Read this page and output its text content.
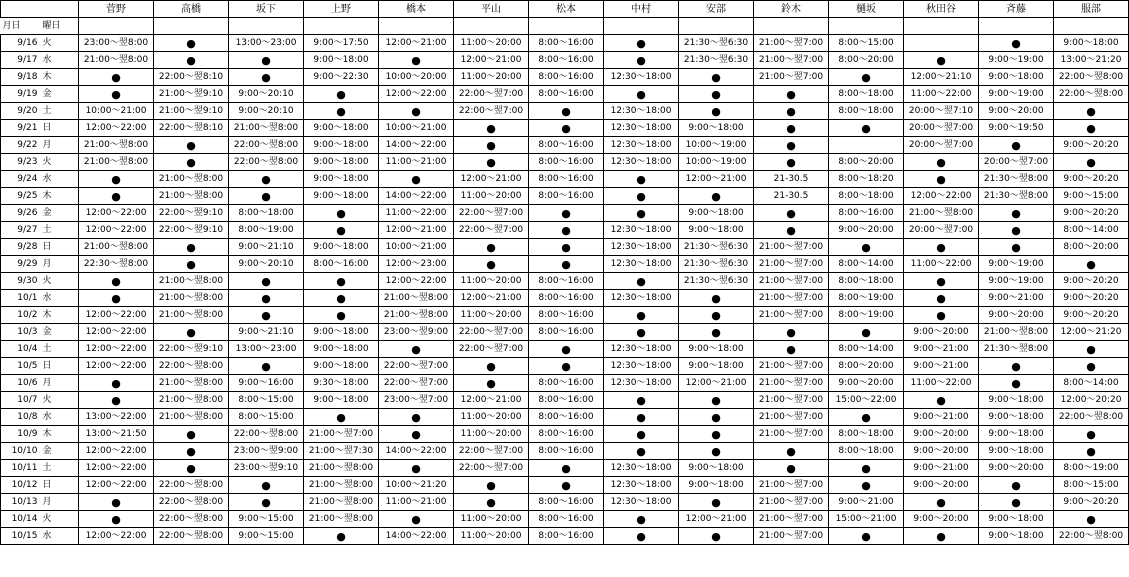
		菅野	高橋	坂下	上野	橋本	平山	松本	中村	安部	鈴木	樋坂	秋田谷	斉藤	服部
月日	曜日														
9/16	火	23:00～翌8:00	●	13:00～23:00	9:00～17:50	12:00～21:00	11:00～20:00	8:00～16:00	●	21:30～翌6:30	21:00～翌7:00	8:00～15:00		●	9:00～18:00
9/17	水	21:00～翌8:00	●	●	9:00～18:00	●	12:00～21:00	8:00～16:00	●	21:30～翌6:30	21:00～翌7:00	8:00～20:00	●	9:00～19:00	13:00～21:20
9/18	木	●	22:00～翌8:10	●	9:00～22:30	10:00～20:00	11:00～20:00	8:00～16:00	12:30～18:00	●	21:00～翌7:00	●	12:00～21:10	9:00～18:00	22:00～翌8:00
9/19	金	●	21:00～翌9:10	9:00～20:10	●	12:00～22:00	22:00～翌7:00	8:00～16:00	●	●	●	8:00～18:00	11:00～22:00	9:00～19:00	22:00～翌8:00
9/20	土	10:00～21:00	21:00～翌9:10	9:00～20:10	●	●	22:00～翌7:00	●	12:30～18:00	●	●	8:00～18:00	20:00～翌7:10	9:00～20:00	●
9/21	日	12:00～22:00	22:00～翌8:10	21:00～翌8:00	9:00～18:00	10:00～21:00	●	●	12:30～18:00	9:00～18:00	●	●	20:00～翌7:00	9:00～19:50	●
9/22	月	21:00～翌8:00	●	22:00～翌8:00	9:00～18:00	14:00～22:00	●	8:00～16:00	12:30～18:00	10:00～19:00	●		20:00～翌7:00	●	9:00～20:20
9/23	火	21:00～翌8:00	●	22:00～翌8:00	9:00～18:00	11:00～21:00	●	8:00～16:00	12:30～18:00	10:00～19:00	●	8:00～20:00	●	20:00～翌7:00	●
9/24	水	●	21:00～翌8:00	●	9:00～18:00	●	12:00～21:00	8:00～16:00	●	12:00～21:00	21-30.5	8:00～18:20	●	21:30～翌8:00	9:00～20:20
9/25	木	●	21:00～翌8:00	●	9:00～18:00	14:00～22:00	11:00～20:00	8:00～16:00	●	●	21-30.5	8:00～18:00	12:00～22:00	21:30～翌8:00	9:00～15:00
9/26	金	12:00～22:00	22:00～翌9:10	8:00～18:00	●	11:00～22:00	22:00～翌7:00	●	●	9:00～18:00	●	8:00～16:00	21:00～翌8:00	●	9:00～20:20
9/27	土	12:00～22:00	22:00～翌9:10	8:00～19:00	●	12:00～21:00	22:00～翌7:00	●	12:30～18:00	9:00～18:00	●	9:00～20:00	20:00～翌7:00	●	8:00～14:00
9/28	日	21:00～翌8:00	●	9:00～21:10	9:00～18:00	10:00～21:00	●	●	12:30～18:00	21:30～翌6:30	21:00～翌7:00	●	●	●	8:00～20:00
9/29	月	22:30～翌8:00	●	9:00～20:10	8:00～16:00	12:00～23:00	●	●	12:30～18:00	21:30～翌6:30	21:00～翌7:00	8:00～14:00	11:00～22:00	9:00～19:00	●
9/30	火	●	21:00～翌8:00	●	●	12:00～22:00	11:00～20:00	8:00～16:00	●	21:30～翌6:30	21:00～翌7:00	8:00～18:00	●	9:00～19:00	9:00～20:20
10/1	水	●	21:00～翌8:00	●	●	21:00～翌8:00	12:00～21:00	8:00～16:00	12:30～18:00	●	21:00～翌7:00	8:00～19:00	●	9:00～21:00	9:00～20:20
10/2	木	12:00～22:00	21:00～翌8:00	●	●	21:00～翌8:00	11:00～20:00	8:00～16:00	●	●	21:00～翌7:00	8:00～19:00	●	9:00～20:00	9:00～20:20
10/3	金	12:00～22:00	●	9:00～21:10	9:00～18:00	23:00～翌9:00	22:00～翌7:00	8:00～16:00	●	●	●	●	9:00～20:00	21:00～翌8:00	12:00～21:20
10/4	土	12:00～22:00	22:00～翌9:10	13:00～23:00	9:00～18:00	●	22:00～翌7:00	●	12:30～18:00	9:00～18:00	●	8:00～14:00	9:00～21:00	21:30～翌8:00	●
10/5	日	12:00～22:00	22:00～翌8:00	●	9:00～18:00	22:00～翌7:00	●	●	12:30～18:00	9:00～18:00	21:00～翌7:00	8:00～20:00	9:00～21:00	●	●
10/6	月	●	21:00～翌8:00	9:00～16:00	9:30～18:00	22:00～翌7:00	●	8:00～16:00	12:30～18:00	12:00～21:00	21:00～翌7:00	9:00～20:00	11:00～22:00	●	8:00～14:00
10/7	火	●	21:00～翌8:00	8:00～15:00	9:00～18:00	23:00～翌7:00	12:00～21:00	8:00～16:00	●	●	21:00～翌7:00	15:00～22:00	●	9:00～18:00	12:00～20:20
10/8	水	13:00～22:00	21:00～翌8:00	8:00～15:00	●	●	11:00～20:00	8:00～16:00	●	●	21:00～翌7:00	●	9:00～21:00	9:00～18:00	22:00～翌8:00
10/9	木	13:00～21:50	●	22:00～翌8:00	21:00～翌7:00	●	11:00～20:00	8:00～16:00	●	●	21:00～翌7:00	8:00～18:00	9:00～20:00	9:00～18:00	●
10/10	金	12:00～22:00	●	23:00～翌9:00	21:00～翌7:30	14:00～22:00	22:00～翌7:00	8:00～16:00	●	●	●	8:00～18:00	9:00～20:00	9:00～18:00	●
10/11	土	12:00～22:00	●	23:00～翌9:10	21:00～翌8:00	●	22:00～翌7:00	●	12:30～18:00	9:00～18:00	●	●	9:00～21:00	9:00～20:00	8:00～19:00
10/12	日	12:00～22:00	22:00～翌8:00	●	21:00～翌8:00	10:00～21:20	●	●	12:30～18:00	9:00～18:00	21:00～翌7:00	●	9:00～20:00	●	8:00～15:00
10/13	月	●	22:00～翌8:00	●	21:00～翌8:00	11:00～21:00	●	8:00～16:00	12:30～18:00	●	21:00～翌7:00	9:00～21:00	●	●	9:00～20:20
10/14	火	●	22:00～翌8:00	9:00～15:00	21:00～翌8:00	●	11:00～20:00	8:00～16:00	●	12:00～21:00	21:00～翌7:00	15:00～21:00	9:00～20:00	9:00～18:00	●
10/15	水	12:00～22:00	22:00～翌8:00	9:00～15:00	●	14:00～22:00	11:00～20:00	8:00～16:00	●	●	21:00～翌7:00	●	●	9:00～18:00	22:00～翌8:00
